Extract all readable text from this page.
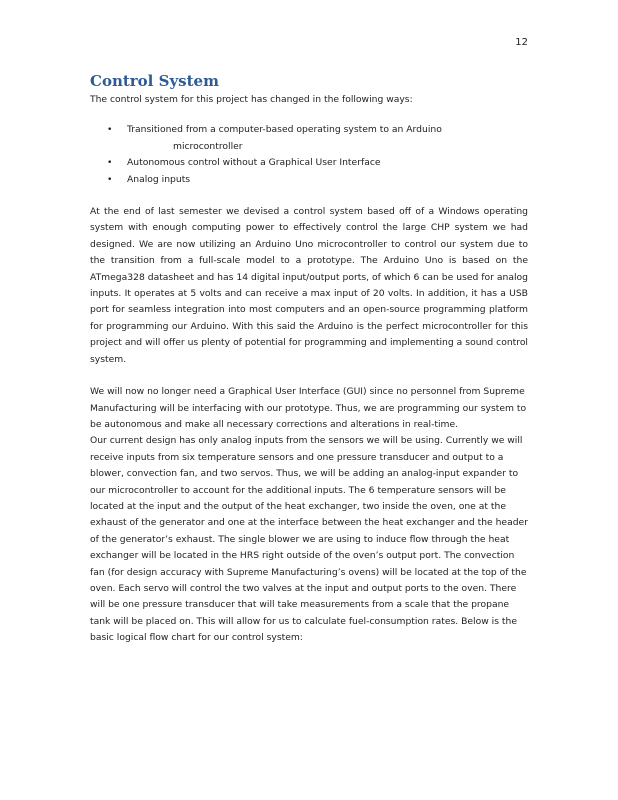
12
Control System

The control system for this project has changed in the following ways:

• Transitioned from a computer-based operating system to an Arduino
microcontroller
• Autonomous control without a Graphical User Interface
• Analog inputs

At the end of last semester we devised a control system based off of a Windows operating system with enough computing power to effectively control the large CHP system we had designed. We are now utilizing an Arduino Uno microcontroller to control our system due to the transition from a full-scale model to a prototype. The Arduino Uno is based on the ATmega328 datasheet and has 14 digital input/output ports, of which 6 can be used for analog inputs. It operates at 5 volts and can receive a max input of 20 volts. In addition, it has a USB port for seamless integration into most computers and an open-source programming platform for programming our Arduino. With this said the Arduino is the perfect microcontroller for this project and will offer us plenty of potential for programming and implementing a sound control system.

We will now no longer need a Graphical User Interface (GUI) since no personnel from Supreme Manufacturing will be interfacing with our prototype. Thus, we are programming our system to be autonomous and make all necessary corrections and alterations in real-time.

Our current design has only analog inputs from the sensors we will be using. Currently we will receive inputs from six temperature sensors and one pressure transducer and output to a blower, convection fan, and two servos. Thus, we will be adding an analog-input expander to our microcontroller to account for the additional inputs. The 6 temperature sensors will be located at the input and the output of the heat exchanger, two inside the oven, one at the exhaust of the generator and one at the interface between the heat exchanger and the header of the generator’s exhaust. The single blower we are using to induce flow through the heat exchanger will be located in the HRS right outside of the oven’s output port. The convection fan (for design accuracy with Supreme Manufacturing’s ovens) will be located at the top of the oven. Each servo will control the two valves at the input and output ports to the oven. There will be one pressure transducer that will take measurements from a scale that the propane tank will be placed on. This will allow for us to calculate fuel-consumption rates. Below is the basic logical flow chart for our control system:
